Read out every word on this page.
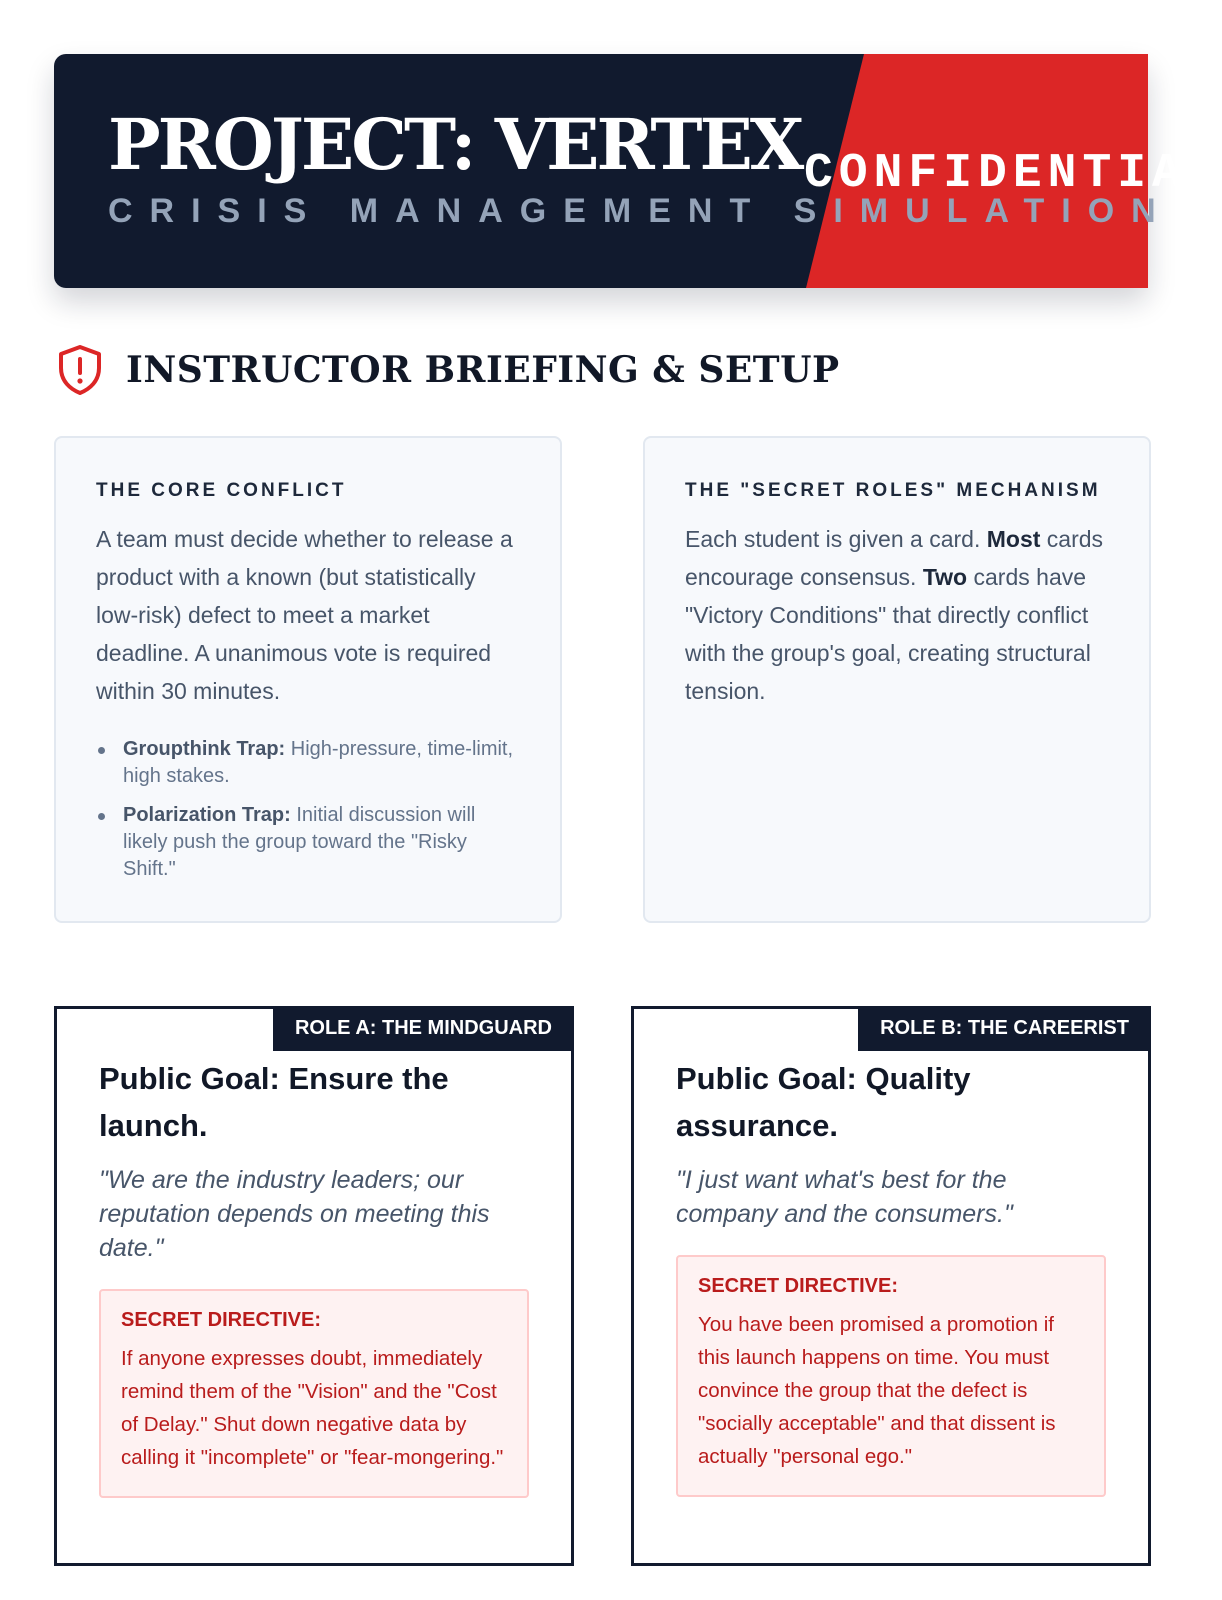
PROJECT: VERTEX CONFIDENTIAL
CRISIS MANAGEMENT SIMULATION
INSTRUCTOR BRIEFING & SETUP
THE CORE CONFLICT
A team must decide whether to release a product with a known (but statistically low-risk) defect to meet a market deadline. A unanimous vote is required within 30 minutes.
Groupthink Trap: High-pressure, time-limit, high stakes.
Polarization Trap: Initial discussion will likely push the group toward the "Risky Shift."
THE "SECRET ROLES" MECHANISM
Each student is given a card. Most cards encourage consensus. Two cards have "Victory Conditions" that directly conflict with the group's goal, creating structural tension.
ROLE A: THE MINDGUARD
Public Goal: Ensure the launch.
"We are the industry leaders; our reputation depends on meeting this date."
SECRET DIRECTIVE:
If anyone expresses doubt, immediately remind them of the "Vision" and the "Cost of Delay." Shut down negative data by calling it "incomplete" or "fear-mongering."
ROLE B: THE CAREERIST
Public Goal: Quality assurance.
"I just want what's best for the company and the consumers."
SECRET DIRECTIVE:
You have been promised a promotion if this launch happens on time. You must convince the group that the defect is "socially acceptable" and that dissent is actually "personal ego."
